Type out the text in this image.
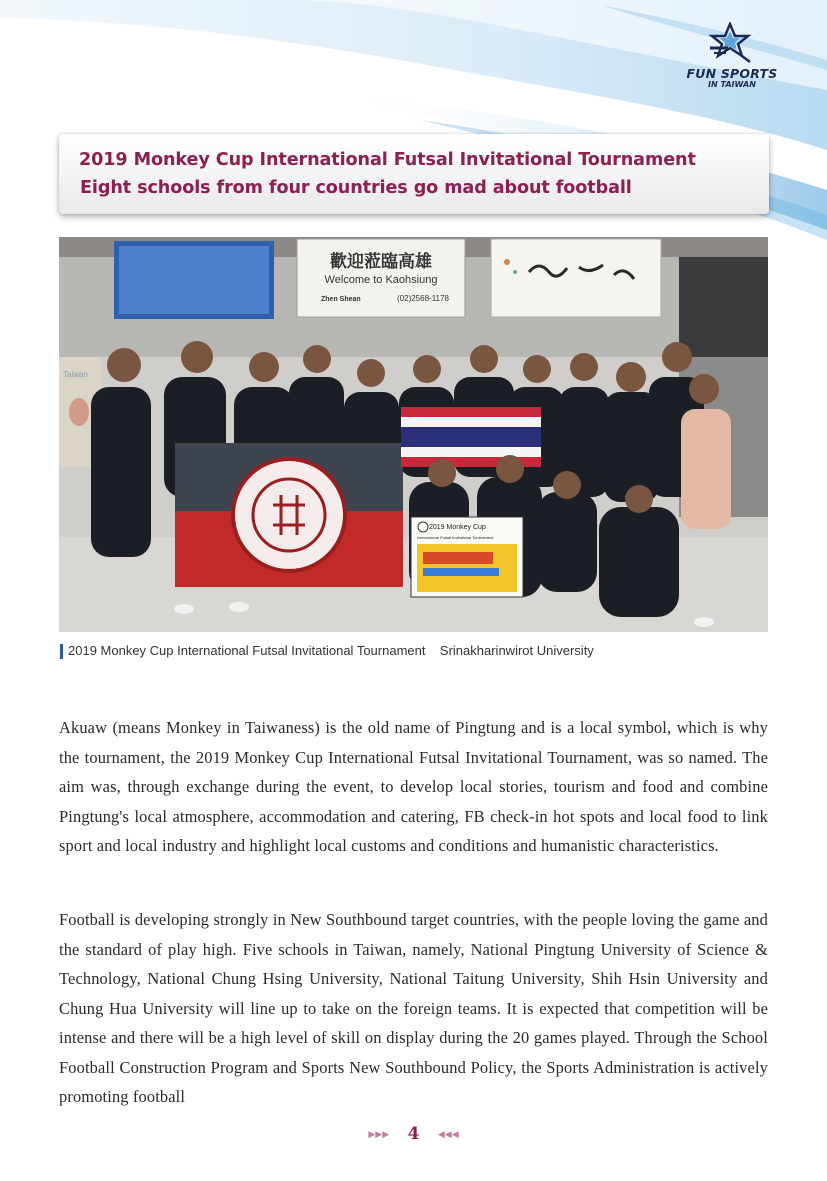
FUN SPORTS
IN TAIWAN
2019 Monkey Cup International Futsal Invitational Tournament
Eight schools from four countries go mad about football
歡迎蒞臨高雄
Welcome to Kaohsiung
Zhen Shean	(02)2568-1178
2019 Monkey Cup
International Futsal Invitational Tournament
2019 Monkey Cup International Futsal Invitational Tournament    Srinakharinwirot University

Akuaw (means Monkey in Taiwaness) is the old name of Pingtung and is a local symbol, which is why the tournament, the 2019 Monkey Cup International Futsal Invitational Tournament, was so named. The aim was, through exchange during the event, to develop local stories, tourism and food and combine Pingtung's local atmosphere, accommodation and catering, FB check-in hot spots and local food to link sport and local industry and highlight local customs and conditions and humanistic characteristics.

Football is developing strongly in New Southbound target countries, with the people loving the game and the standard of play high. Five schools in Taiwan, namely, National Pingtung University of Science & Technology, National Chung Hsing University, National Taitung University, Shih Hsin University and Chung Hua University will line up to take on the foreign teams. It is expected that competition will be intense and there will be a high level of skill on display during the 20 games played. Through the School Football Construction Program and Sports New Southbound Policy, the Sports Administration is actively promoting football

▶▶▶ 4 ◀◀◀
